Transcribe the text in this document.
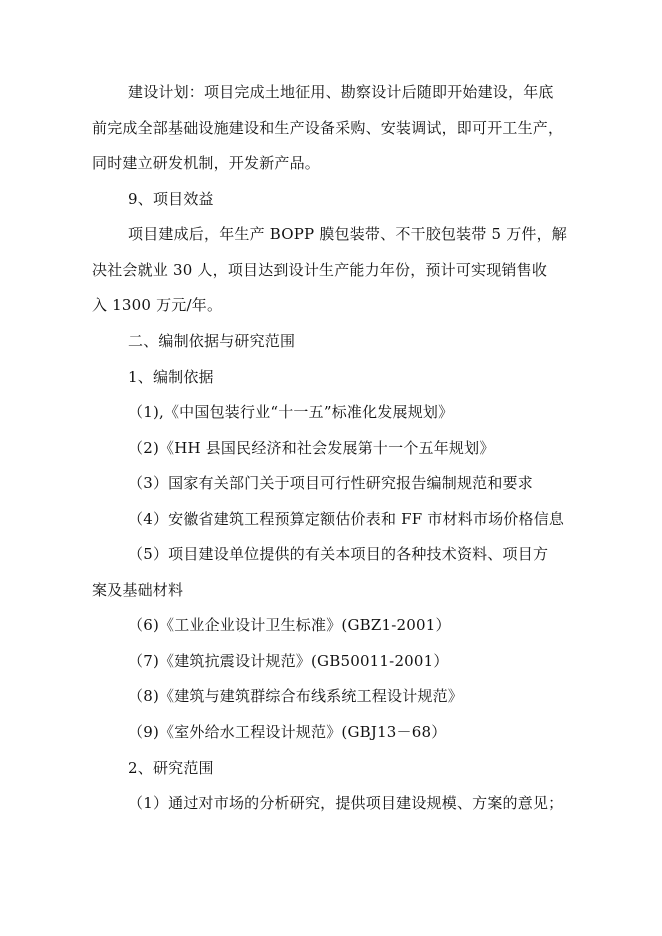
建设计划：项目完成土地征用、勘察设计后随即开始建设，年底
前完成全部基础设施建设和生产设备采购、安装调试，即可开工生产，
同时建立研发机制，开发新产品。
9、项目效益
项目建成后，年生产 BOPP 膜包装带、不干胶包装带 5 万件，解
决社会就业 30 人，项目达到设计生产能力年份，预计可实现销售收
入 1300 万元/年。
二、编制依据与研究范围
1、编制依据
（1),《中国包装行业“十一五”标准化发展规划》
（2)《HH 县国民经济和社会发展第十一个五年规划》
（3）国家有关部门关于项目可行性研究报告编制规范和要求
（4）安徽省建筑工程预算定额估价表和 FF 市材料市场价格信息
（5）项目建设单位提供的有关本项目的各种技术资料、项目方
案及基础材料
（6)《工业企业设计卫生标准》(GBZ1-2001）
（7)《建筑抗震设计规范》(GB50011-2001）
（8)《建筑与建筑群综合布线系统工程设计规范》
（9)《室外给水工程设计规范》(GBJ13－68）
2、研究范围
（1）通过对市场的分析研究，提供项目建设规模、方案的意见；
